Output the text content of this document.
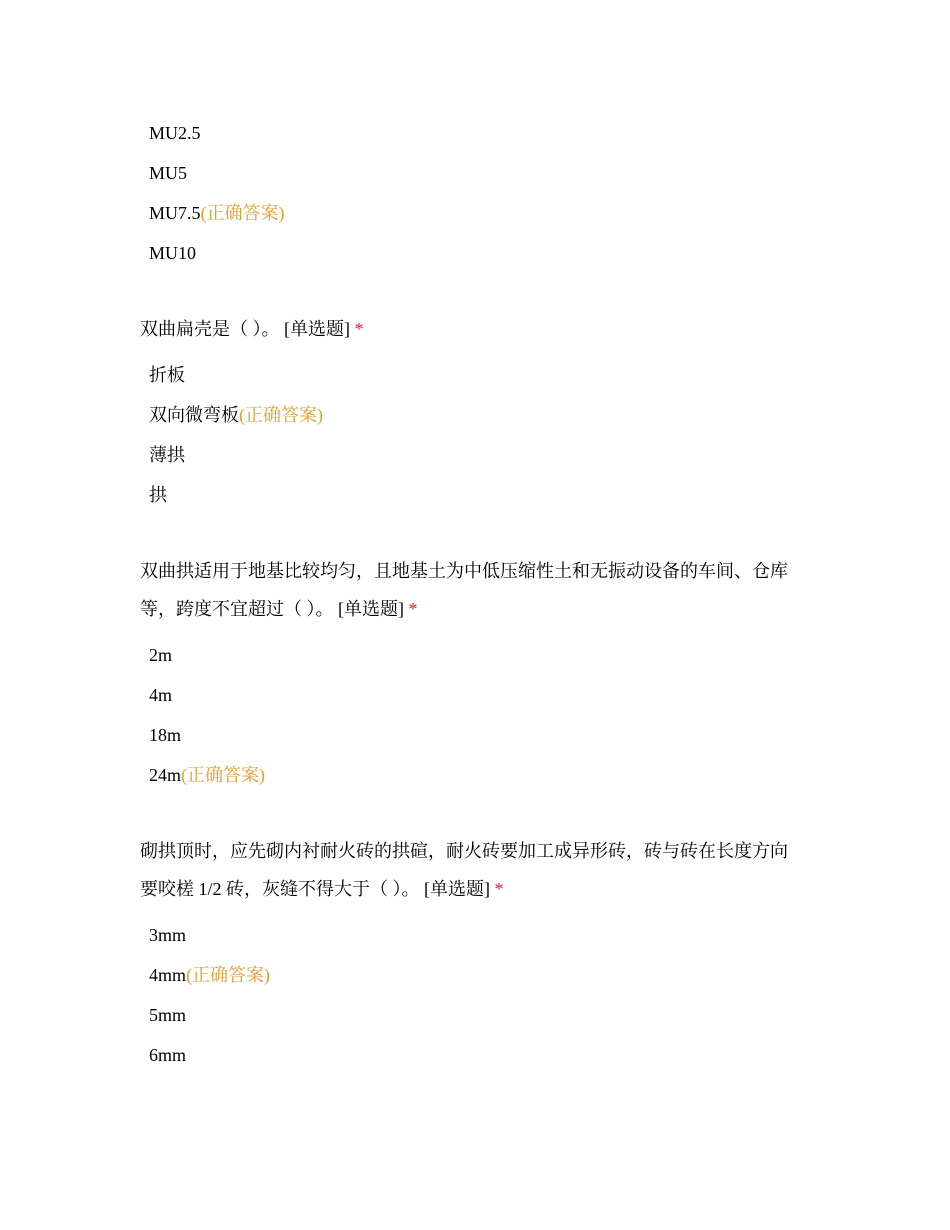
MU2.5
MU5
MU7.5(正确答案)
MU10
双曲扁壳是（ ）。 [单选题] *
折板
双向微弯板(正确答案)
薄拱
拱
双曲拱适用于地基比较均匀，且地基土为中低压缩性土和无振动设备的车间、仓库
等，跨度不宜超过（ ）。 [单选题] *
2m
4m
18m
24m(正确答案)
砌拱顶时，应先砌内衬耐火砖的拱碹，耐火砖要加工成异形砖，砖与砖在长度方向
要咬槎 1/2 砖，灰缝不得大于（ ）。 [单选题] *
3mm
4mm(正确答案)
5mm
6mm
